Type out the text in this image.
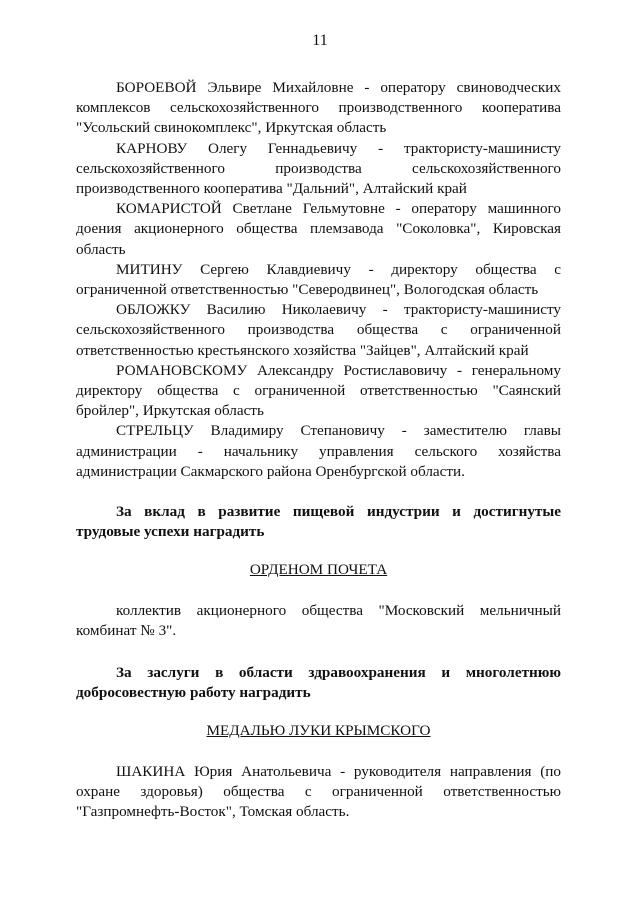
11

БОРОЕВОЙ Эльвире Михайловне - оператору свиноводческих комплексов сельскохозяйственного производственного кооператива "Усольский свинокомплекс", Иркутская область

КАРНОВУ Олегу Геннадьевичу - трактористу-машинисту сельскохозяйственного производства сельскохозяйственного производственного кооператива "Дальний", Алтайский край

КОМАРИСТОЙ Светлане Гельмутовне - оператору машинного доения акционерного общества племзавода "Соколовка", Кировская область

МИТИНУ Сергею Клавдиевичу - директору общества с ограниченной ответственностью "Северодвинец", Вологодская область

ОБЛОЖКУ Василию Николаевичу - трактористу-машинисту сельскохозяйственного производства общества с ограниченной ответственностью крестьянского хозяйства "Зайцев", Алтайский край

РОМАНОВСКОМУ Александру Ростиславовичу - генеральному директору общества с ограниченной ответственностью "Саянский бройлер", Иркутская область

СТРЕЛЬЦУ Владимиру Степановичу - заместителю главы администрации - начальнику управления сельского хозяйства администрации Сакмарского района Оренбургской области.

За вклад в развитие пищевой индустрии и достигнутые трудовые успехи наградить

ОРДЕНОМ ПОЧЕТА

коллектив акционерного общества "Московский мельничный комбинат № 3".

За заслуги в области здравоохранения и многолетнюю добросовестную работу наградить

МЕДАЛЬЮ ЛУКИ КРЫМСКОГО

ШАКИНА Юрия Анатольевича - руководителя направления (по охране здоровья) общества с ограниченной ответственностью "Газпромнефть-Восток", Томская область.
